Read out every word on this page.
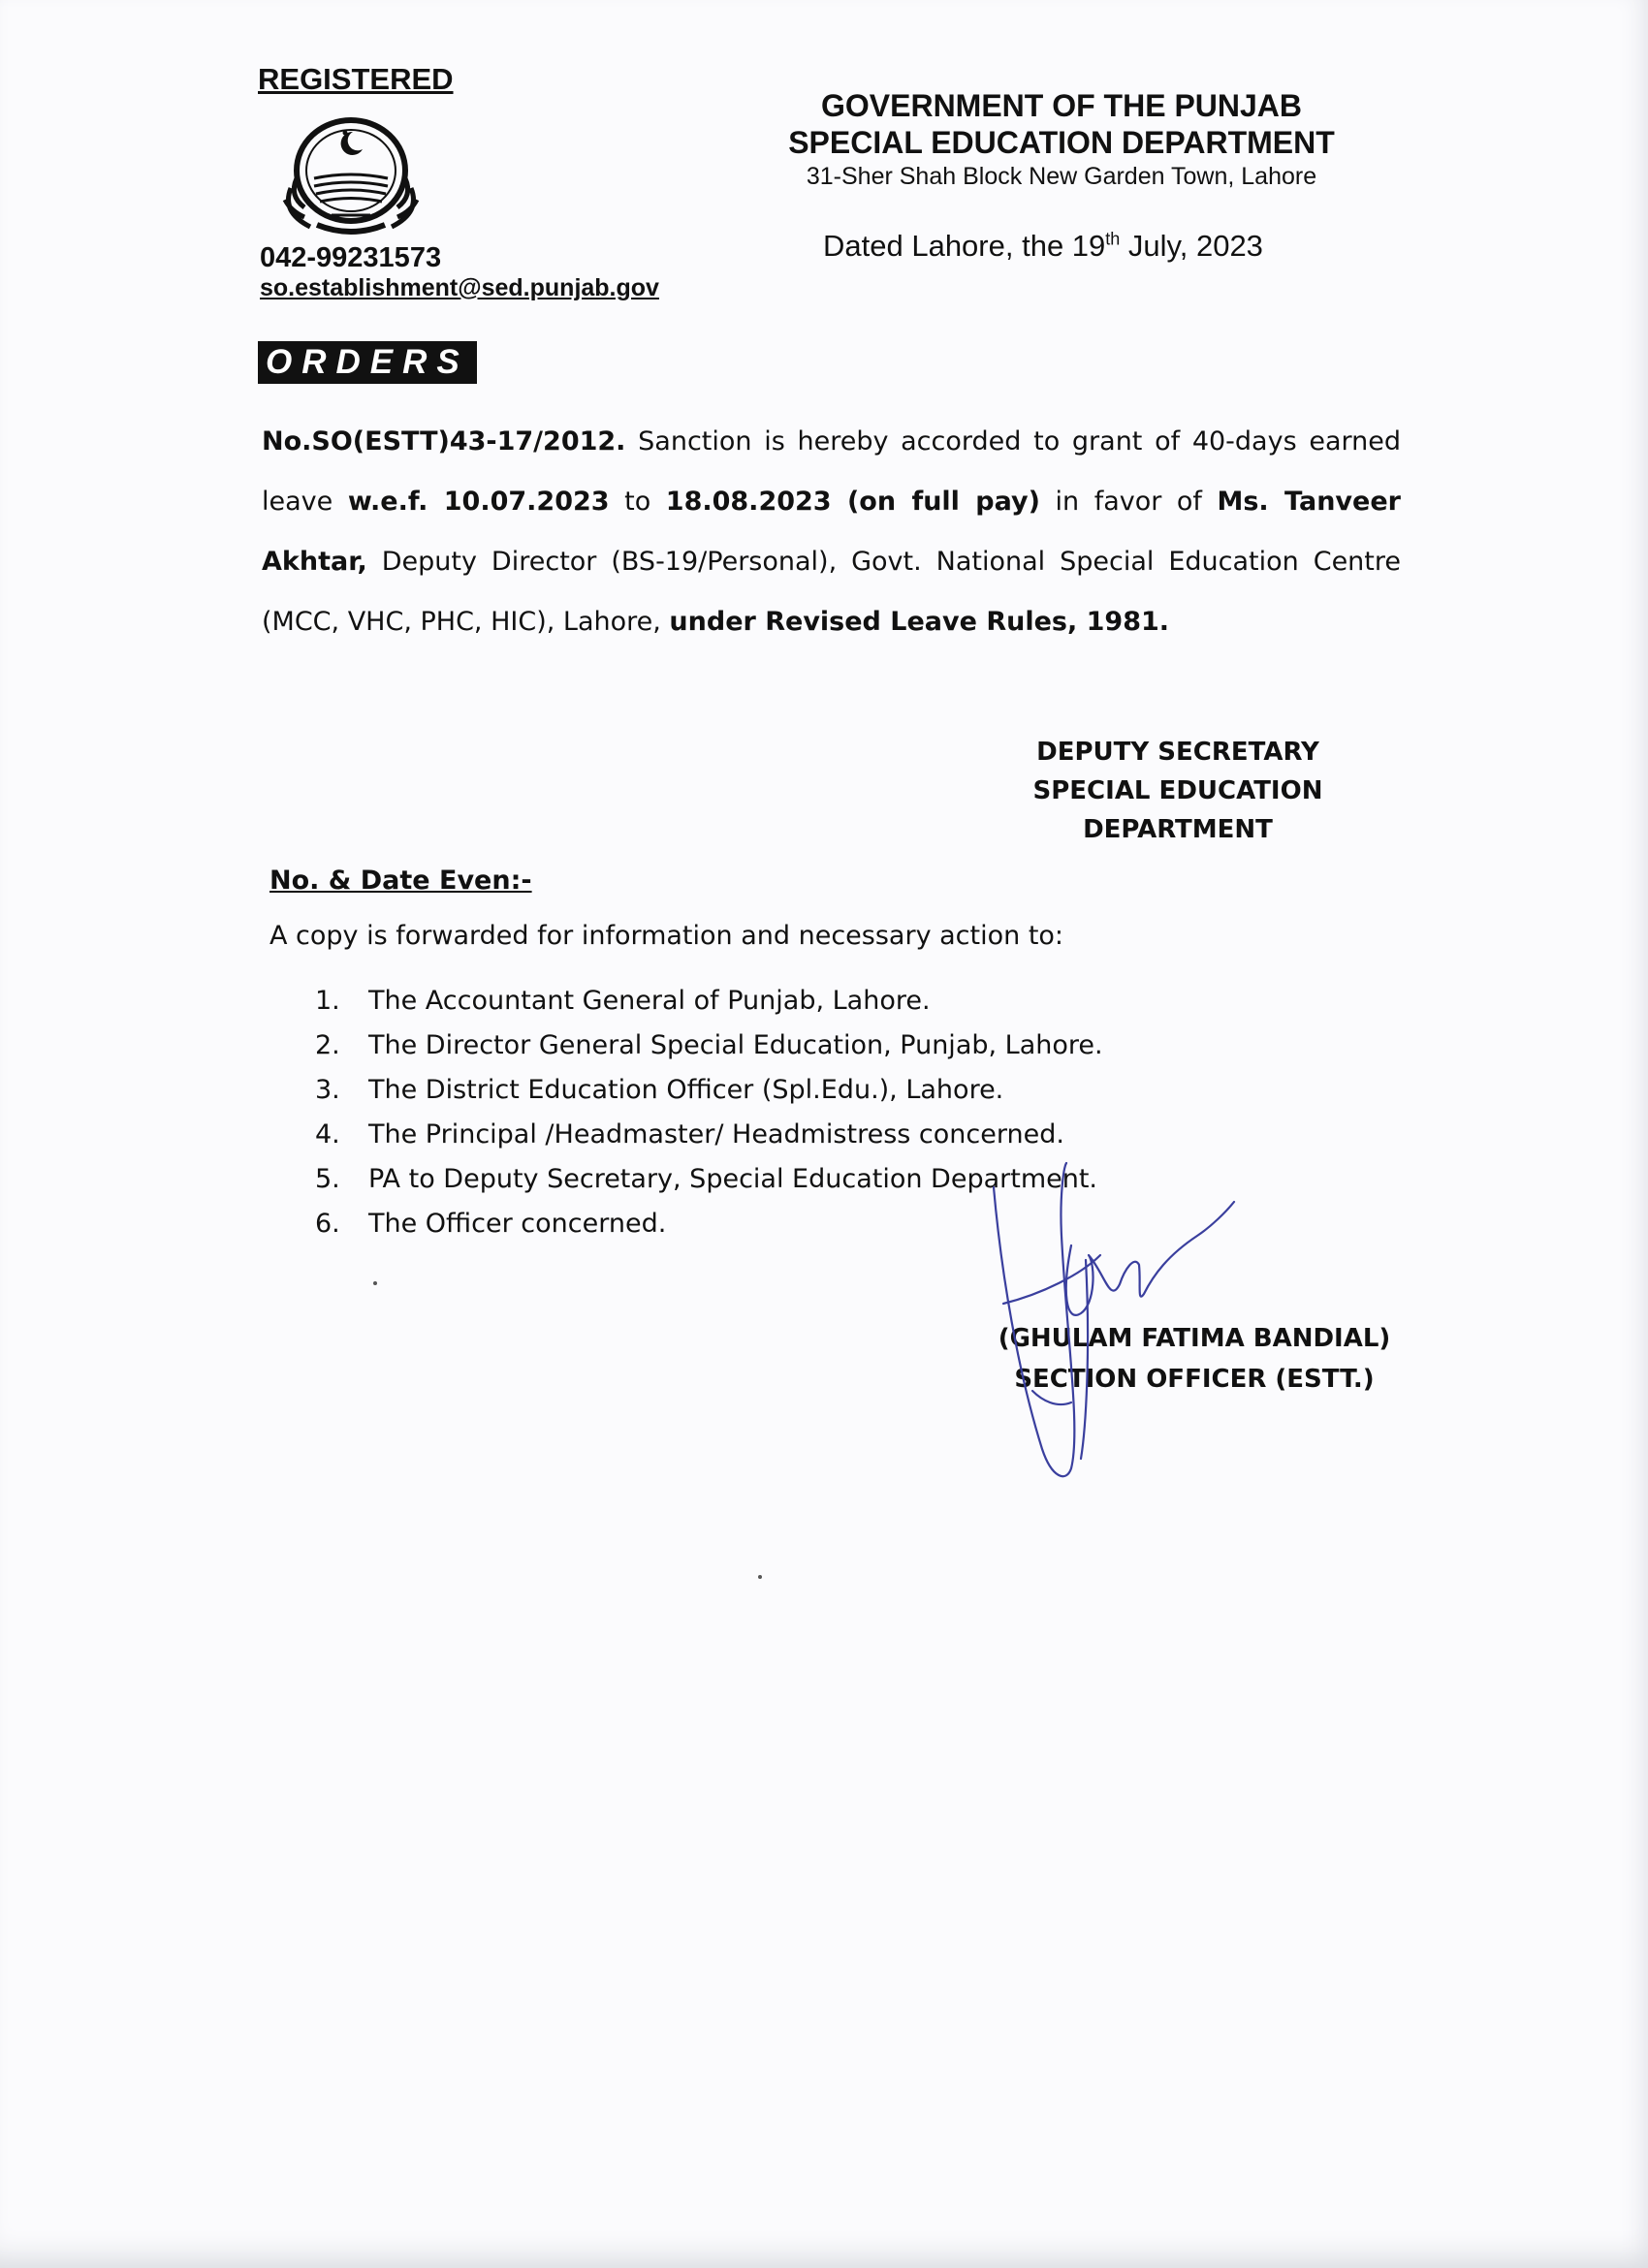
REGISTERED
042-99231573
so.establishment@sed.punjab.gov
GOVERNMENT OF THE PUNJAB
SPECIAL EDUCATION DEPARTMENT
31-Sher Shah Block New Garden Town, Lahore
Dated Lahore, the 19th July, 2023
ORDERS
No.SO(ESTT)43-17/2012. Sanction is hereby accorded to grant of 40-days earned leave w.e.f. 10.07.2023 to 18.08.2023 (on full pay) in favor of Ms. Tanveer Akhtar, Deputy Director (BS-19/Personal), Govt. National Special Education Centre (MCC, VHC, PHC, HIC), Lahore, under Revised Leave Rules, 1981.
DEPUTY SECRETARY
SPECIAL EDUCATION
DEPARTMENT
No. & Date Even:-
A copy is forwarded for information and necessary action to:
1. The Accountant General of Punjab, Lahore.
2. The Director General Special Education, Punjab, Lahore.
3. The District Education Officer (Spl.Edu.), Lahore.
4. The Principal /Headmaster/ Headmistress concerned.
5. PA to Deputy Secretary, Special Education Department.
6. The Officer concerned.
(GHULAM FATIMA BANDIAL)
SECTION OFFICER (ESTT.)
